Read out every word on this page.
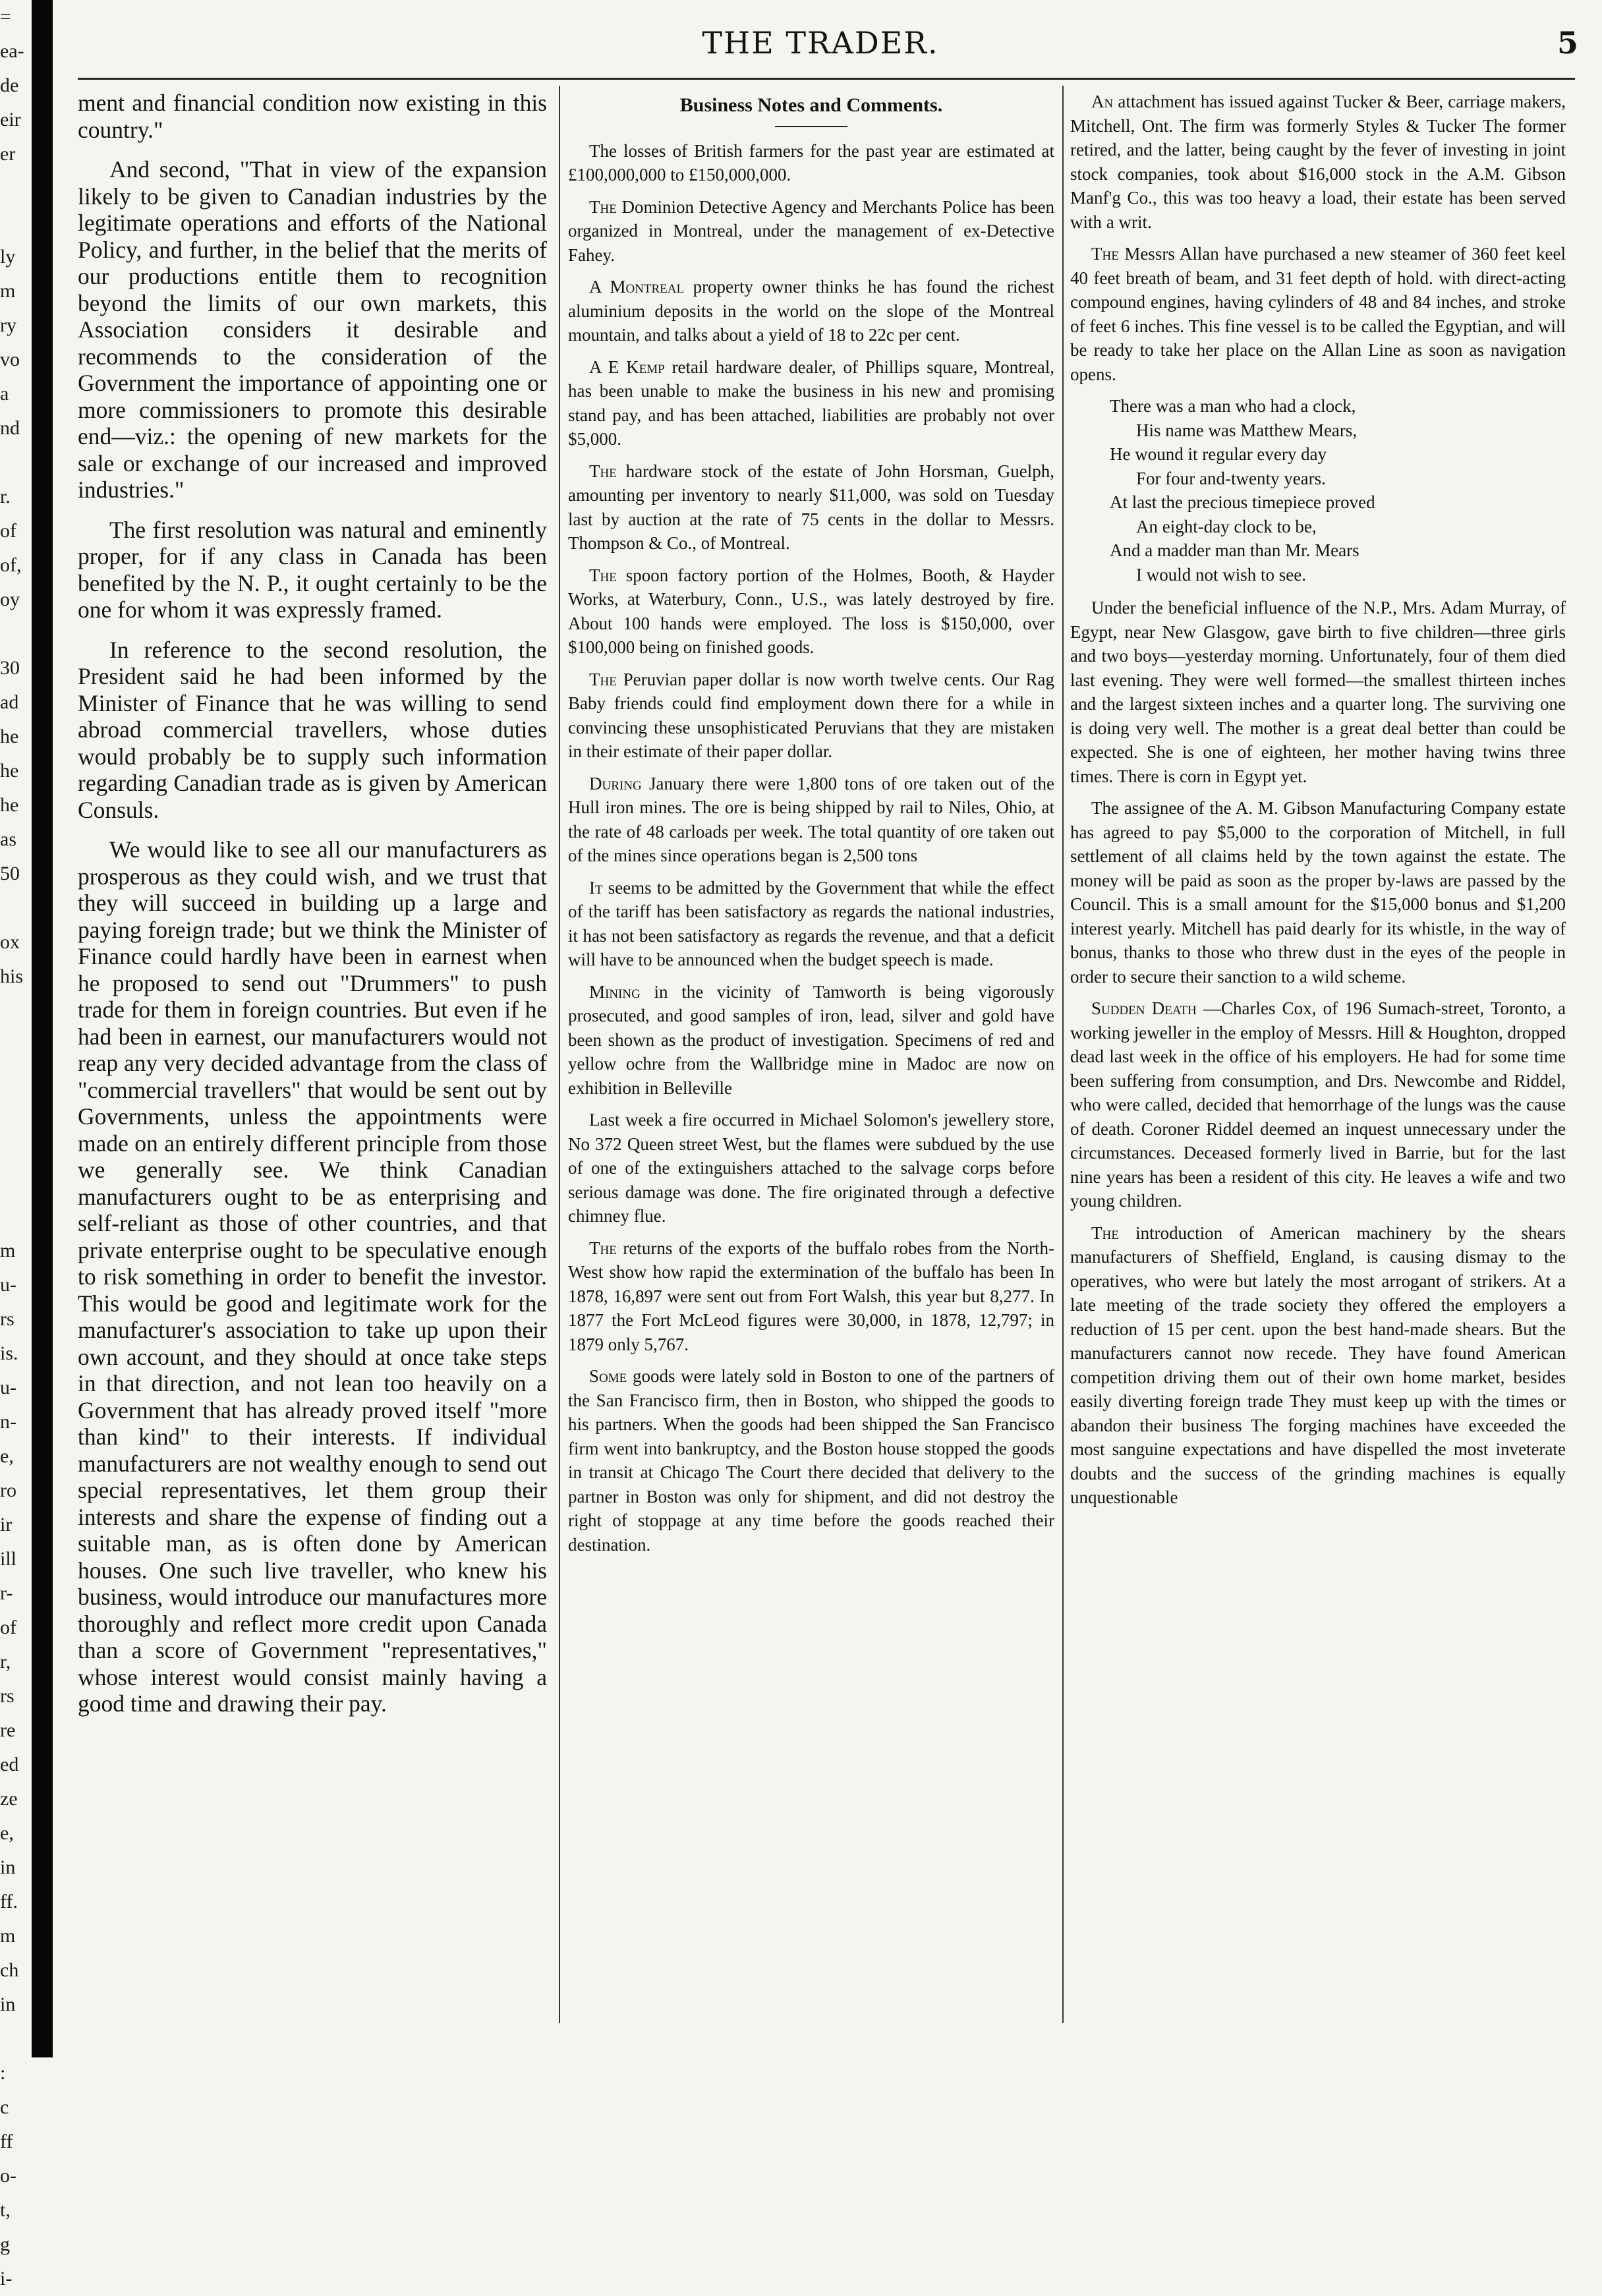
=
ea-
de
eir
er

ly
m
ry
vo
a
nd

r.
of
of,
oy

30
ad
he
he
he
as
50

ox
his

m
u-
rs
is.
u-
n-
e,
ro
ir
ill
r-
of
r,
rs
re
ed
ze
e,
in
ff.
m
ch
in

:
c
ff
o-
t,
g
i-
THE TRADER.	5

ment and financial condition now existing in this country."

And second, "That in view of the expansion likely to be given to Canadian industries by the legitimate operations and efforts of the National Policy, and further, in the belief that the merits of our productions entitle them to recognition beyond the limits of our own markets, this Association considers it desirable and recommends to the consideration of the Government the importance of appointing one or more commissioners to promote this desirable end—viz.: the opening of new markets for the sale or exchange of our increased and improved industries."

The first resolution was natural and eminently proper, for if any class in Canada has been benefited by the N. P., it ought certainly to be the one for whom it was expressly framed.

In reference to the second resolution, the President said he had been informed by the Minister of Finance that he was willing to send abroad commercial travellers, whose duties would probably be to supply such information regarding Canadian trade as is given by American Consuls.

We would like to see all our manufacturers as prosperous as they could wish, and we trust that they will succeed in building up a large and paying foreign trade; but we think the Minister of Finance could hardly have been in earnest when he proposed to send out "Drummers" to push trade for them in foreign countries. But even if he had been in earnest, our manufacturers would not reap any very decided advantage from the class of "commercial travellers" that would be sent out by Governments, unless the appointments were made on an entirely different principle from those we generally see. We think Canadian manufacturers ought to be as enterprising and self-reliant as those of other countries, and that private enterprise ought to be speculative enough to risk something in order to benefit the investor. This would be good and legitimate work for the manufacturer's association to take up upon their own account, and they should at once take steps in that direction, and not lean too heavily on a Government that has already proved itself "more than kind" to their interests. If individual manufacturers are not wealthy enough to send out special representatives, let them group their interests and share the expense of finding out a suitable man, as is often done by American houses. One such live traveller, who knew his business, would introduce our manufactures more thoroughly and reflect more credit upon Canada than a score of Government "representatives," whose interest would consist mainly having a good time and drawing their pay.

Business Notes and Comments.

The losses of British farmers for the past year are estimated at £100,000,000 to £150,000,000.

The Dominion Detective Agency and Merchants Police has been organized in Montreal, under the management of ex-Detective Fahey.

A Montreal property owner thinks he has found the richest aluminium deposits in the world on the slope of the Montreal mountain, and talks about a yield of 18 to 22c per cent.

A E Kemp retail hardware dealer, of Phillips square, Montreal, has been unable to make the business in his new and promising stand pay, and has been attached, liabilities are probably not over $5,000.

The hardware stock of the estate of John Horsman, Guelph, amounting per inventory to nearly $11,000, was sold on Tuesday last by auction at the rate of 75 cents in the dollar to Messrs. Thompson & Co., of Montreal.

The spoon factory portion of the Holmes, Booth, & Hayder Works, at Waterbury, Conn., U.S., was lately destroyed by fire. About 100 hands were employed. The loss is $150,000, over $100,000 being on finished goods.

The Peruvian paper dollar is now worth twelve cents. Our Rag Baby friends could find employment down there for a while in convincing these unsophisticated Peruvians that they are mistaken in their estimate of their paper dollar.

During January there were 1,800 tons of ore taken out of the Hull iron mines. The ore is being shipped by rail to Niles, Ohio, at the rate of 48 carloads per week. The total quantity of ore taken out of the mines since operations began is 2,500 tons

It seems to be admitted by the Government that while the effect of the tariff has been satisfactory as regards the national industries, it has not been satisfactory as regards the revenue, and that a deficit will have to be announced when the budget speech is made.

Mining in the vicinity of Tamworth is being vigorously prosecuted, and good samples of iron, lead, silver and gold have been shown as the product of investigation. Specimens of red and yellow ochre from the Wallbridge mine in Madoc are now on exhibition in Belleville

Last week a fire occurred in Michael Solomon's jewellery store, No 372 Queen street West, but the flames were subdued by the use of one of the extinguishers attached to the salvage corps before serious damage was done. The fire originated through a defective chimney flue.

The returns of the exports of the buffalo robes from the North-West show how rapid the extermination of the buffalo has been In 1878, 16,897 were sent out from Fort Walsh, this year but 8,277. In 1877 the Fort McLeod figures were 30,000, in 1878, 12,797; in 1879 only 5,767.

Some goods were lately sold in Boston to one of the partners of the San Francisco firm, then in Boston, who shipped the goods to his partners. When the goods had been shipped the San Francisco firm went into bankruptcy, and the Boston house stopped the goods in transit at Chicago The Court there decided that delivery to the partner in Boston was only for shipment, and did not destroy the right of stoppage at any time before the goods reached their destination.

An attachment has issued against Tucker & Beer, carriage makers, Mitchell, Ont. The firm was formerly Styles & Tucker The former retired, and the latter, being caught by the fever of investing in joint stock companies, took about $16,000 stock in the A.M. Gibson Manf'g Co., this was too heavy a load, their estate has been served with a writ.

The Messrs Allan have purchased a new steamer of 360 feet keel 40 feet breath of beam, and 31 feet depth of hold. with direct-acting compound engines, having cylinders of 48 and 84 inches, and stroke of feet 6 inches. This fine vessel is to be called the Egyptian, and will be ready to take her place on the Allan Line as soon as navigation opens.

There was a man who had a clock,
His name was Matthew Mears,
He wound it regular every day
For four and-twenty years.
At last the precious timepiece proved
An eight-day clock to be,
And a madder man than Mr. Mears
I would not wish to see.

Under the beneficial influence of the N.P., Mrs. Adam Murray, of Egypt, near New Glasgow, gave birth to five children—three girls and two boys—yesterday morning. Unfortunately, four of them died last evening. They were well formed—the smallest thirteen inches and the largest sixteen inches and a quarter long. The surviving one is doing very well. The mother is a great deal better than could be expected. She is one of eighteen, her mother having twins three times. There is corn in Egypt yet.

The assignee of the A. M. Gibson Manufacturing Company estate has agreed to pay $5,000 to the corporation of Mitchell, in full settlement of all claims held by the town against the estate. The money will be paid as soon as the proper by-laws are passed by the Council. This is a small amount for the $15,000 bonus and $1,200 interest yearly. Mitchell has paid dearly for its whistle, in the way of bonus, thanks to those who threw dust in the eyes of the people in order to secure their sanction to a wild scheme.

Sudden Death —Charles Cox, of 196 Sumach-street, Toronto, a working jeweller in the employ of Messrs. Hill & Houghton, dropped dead last week in the office of his employers. He had for some time been suffering from consumption, and Drs. Newcombe and Riddel, who were called, decided that hemorrhage of the lungs was the cause of death. Coroner Riddel deemed an inquest unnecessary under the circumstances. Deceased formerly lived in Barrie, but for the last nine years has been a resident of this city. He leaves a wife and two young children.

The introduction of American machinery by the shears manufacturers of Sheffield, England, is causing dismay to the operatives, who were but lately the most arrogant of strikers. At a late meeting of the trade society they offered the employers a reduction of 15 per cent. upon the best hand-made shears. But the manufacturers cannot now recede. They have found American competition driving them out of their own home market, besides easily diverting foreign trade They must keep up with the times or abandon their business The forging machines have exceeded the most sanguine expectations and have dispelled the most inveterate doubts and the success of the grinding machines is equally unquestionable
